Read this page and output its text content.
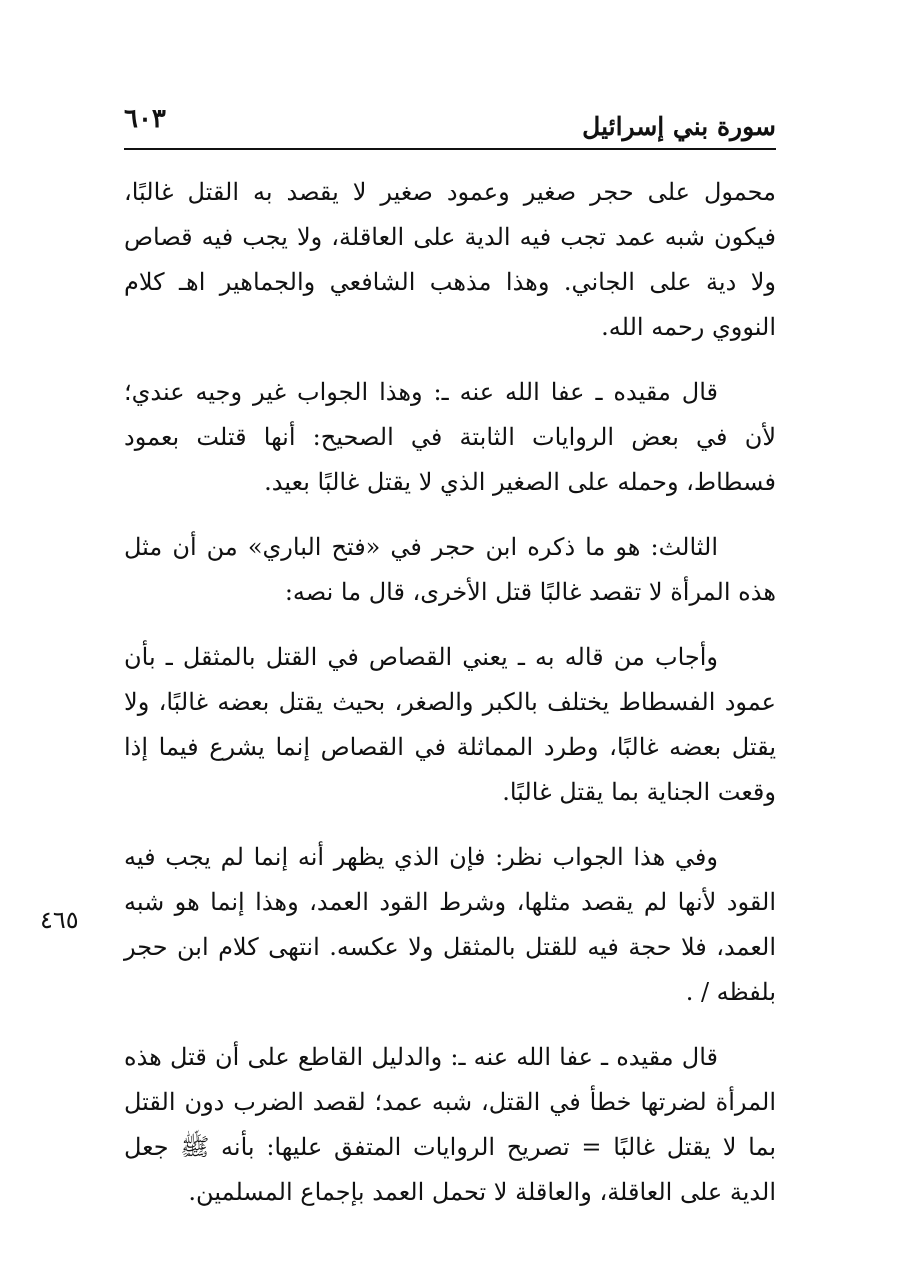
سورة بني إسرائيل
٦٠٣
٤٦٥

محمول على حجر صغير وعمود صغير لا يقصد به القتل غالبًا، فيكون شبه عمد تجب فيه الدية على العاقلة، ولا يجب فيه قصاص ولا دية على الجاني. وهذا مذهب الشافعي والجماهير اهـ كلام النووي رحمه الله.

قال مقيده ـ عفا الله عنه ـ: وهذا الجواب غير وجيه عندي؛ لأن في بعض الروايات الثابتة في الصحيح: أنها قتلت بعمود فسطاط، وحمله على الصغير الذي لا يقتل غالبًا بعيد.

الثالث: هو ما ذكره ابن حجر في «فتح الباري» من أن مثل هذه المرأة لا تقصد غالبًا قتل الأخرى، قال ما نصه:

وأجاب من قاله به ـ يعني القصاص في القتل بالمثقل ـ بأن عمود الفسطاط يختلف بالكبر والصغر، بحيث يقتل بعضه غالبًا، ولا يقتل بعضه غالبًا، وطرد المماثلة في القصاص إنما يشرع فيما إذا وقعت الجناية بما يقتل غالبًا.

وفي هذا الجواب نظر: فإن الذي يظهر أنه إنما لم يجب فيه القود لأنها لم يقصد مثلها، وشرط القود العمد، وهذا إنما هو شبه العمد، فلا حجة فيه للقتل بالمثقل ولا عكسه. انتهى كلام ابن حجر بلفظه / .

قال مقيده ـ عفا الله عنه ـ: والدليل القاطع على أن قتل هذه المرأة لضرتها خطأ في القتل، شبه عمد؛ لقصد الضرب دون القتل بما لا يقتل غالبًا = تصريح الروايات المتفق عليها: بأنه ﷺ جعل الدية على العاقلة، والعاقلة لا تحمل العمد بإجماع المسلمين.
